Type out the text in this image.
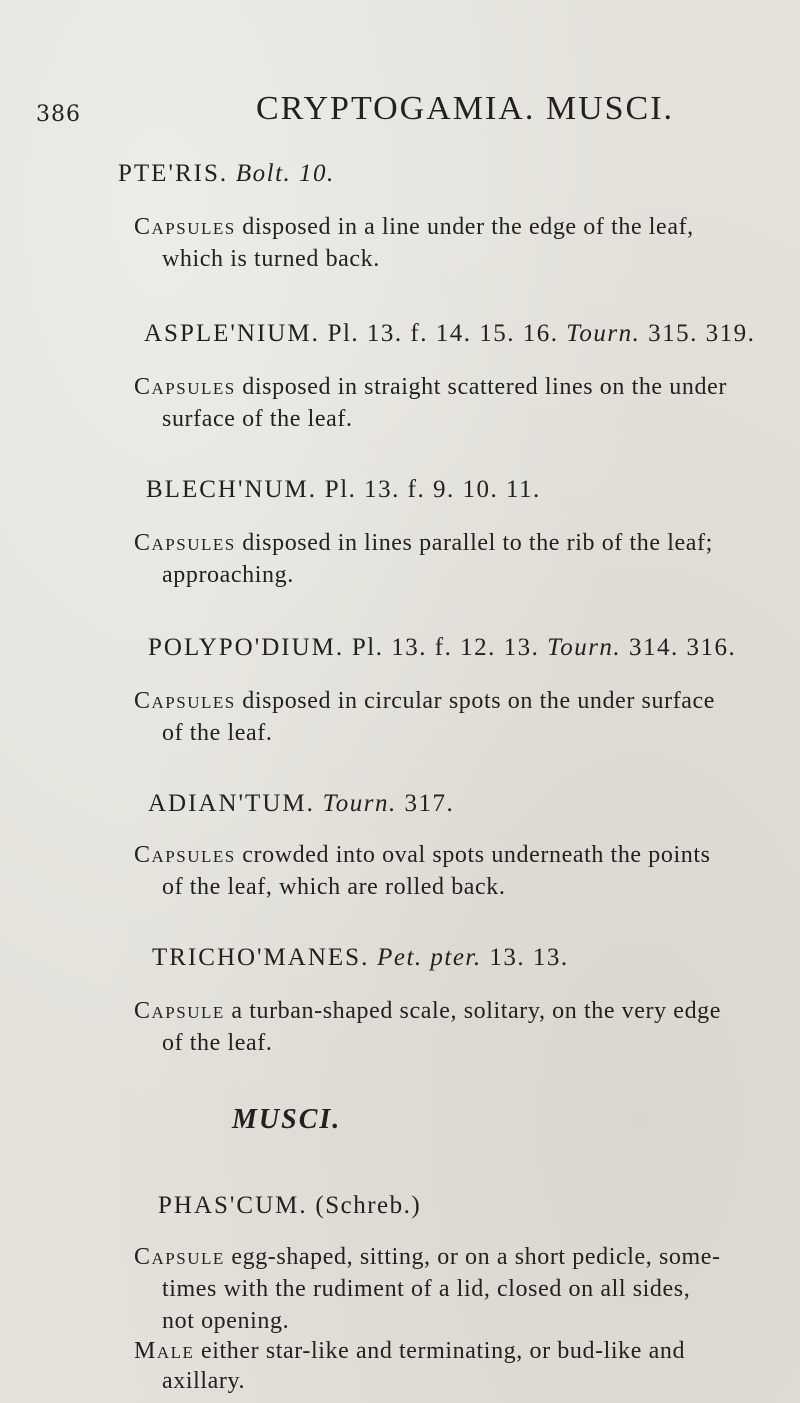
386	CRYPTOGAMIA. MUSCI.
PTE'RIS. Bolt. 10.
Capsules disposed in a line under the edge of the leaf,
which is turned back.
ASPLE'NIUM. Pl. 13. f. 14. 15. 16. Tourn. 315. 319.
Capsules disposed in straight scattered lines on the under
surface of the leaf.
BLECH'NUM. Pl. 13. f. 9. 10. 11.
Capsules disposed in lines parallel to the rib of the leaf;
approaching.
POLYPO'DIUM. Pl. 13. f. 12. 13. Tourn. 314. 316.
Capsules disposed in circular spots on the under surface
of the leaf.
ADIAN'TUM. Tourn. 317.
Capsules crowded into oval spots underneath the points
of the leaf, which are rolled back.
TRICHO'MANES. Pet. pter. 13. 13.
Capsule a turban-shaped scale, solitary, on the very edge
of the leaf.
MUSCI.
PHAS'CUM. (Schreb.)
Capsule egg-shaped, sitting, or on a short pedicle, some-
times with the rudiment of a lid, closed on all sides,
not opening.
Male either star-like and terminating, or bud-like and
axillary.
